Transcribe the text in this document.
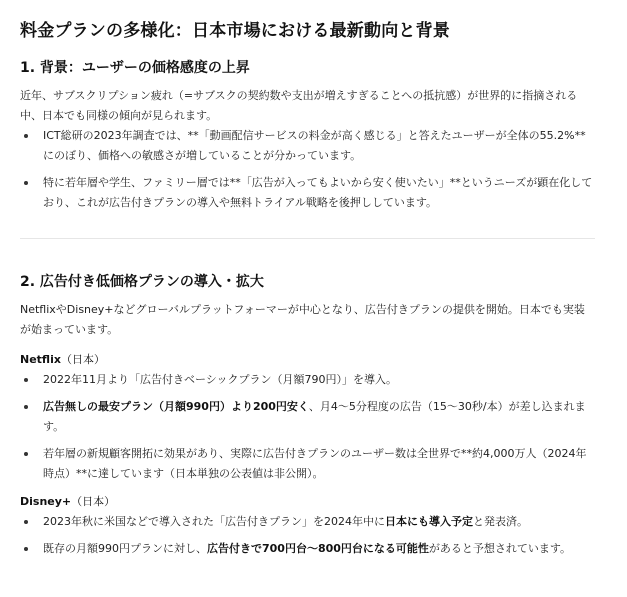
料金プランの多様化：日本市場における最新動向と背景
1. 背景：ユーザーの価格感度の上昇

近年、サブスクリプション疲れ（=サブスクの契約数や支出が増えすぎることへの抵抗感）が世界的に指摘される中、日本でも同様の傾向が見られます。

ICT総研の2023年調査では、**「動画配信サービスの料金が高く感じる」と答えたユーザーが全体の55.2%**にのぼり、価格への敏感さが増していることが分かっています。
特に若年層や学生、ファミリー層では**「広告が入ってもよいから安く使いたい」**というニーズが顕在化しており、これが広告付きプランの導入や無料トライアル戦略を後押ししています。
2. 広告付き低価格プランの導入・拡大

NetflixやDisney+などグローバルプラットフォーマーが中心となり、広告付きプランの提供を開始。日本でも実装が始まっています。

Netflix（日本）
2022年11月より「広告付きベーシックプラン（月額790円）」を導入。
広告無しの最安プラン（月額990円）より200円安く、月4〜5分程度の広告（15〜30秒/本）が差し込まれます。
若年層の新規顧客開拓に効果があり、実際に広告付きプランのユーザー数は全世界で**約4,000万人（2024年時点）**に達しています（日本単独の公表値は非公開）。
Disney+（日本）
2023年秋に米国などで導入された「広告付きプラン」を2024年中に日本にも導入予定と発表済。
既存の月額990円プランに対し、広告付きで700円台〜800円台になる可能性があると予想されています。
